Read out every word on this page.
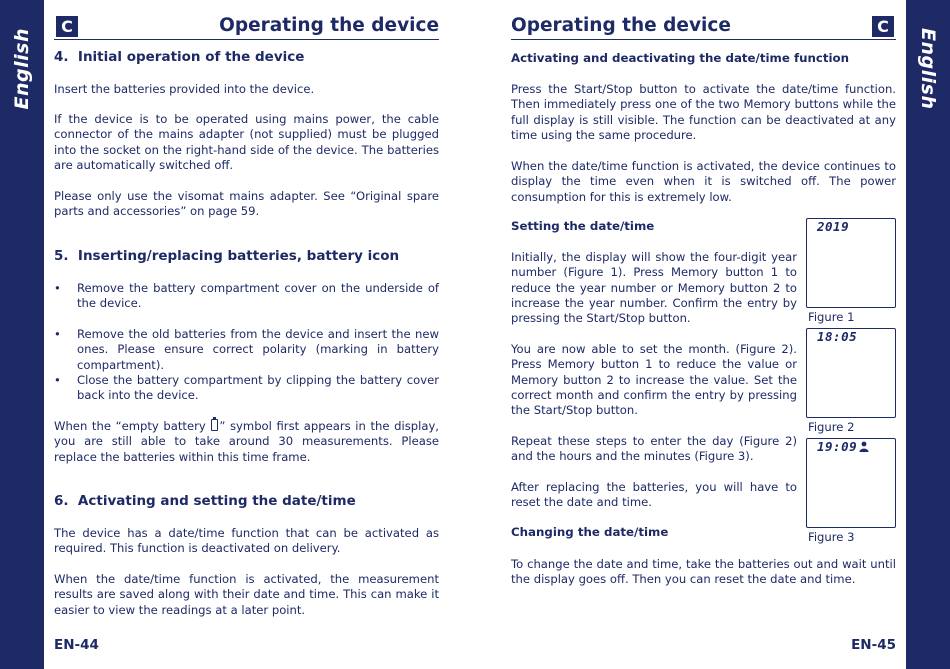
English	English
C	Operating the device
4.  Initial operation of the device

Insert the batteries provided into the device.

If the device is to be operated using mains power, the cable connector of the mains adapter (not supplied) must be plugged into the socket on the right-hand side of the device. The batteries are automatically switched off.

Please only use the visomat mains adapter. See “Original spare parts and accessories” on page 59.

5.  Inserting/replacing batteries, battery icon
• Remove the battery compartment cover on the underside of the device.
• Remove the old batteries from the device and insert the new ones. Please ensure correct polarity (marking in battery compartment).
• Close the battery compartment by clipping the battery cover back into the device.

When the “empty battery ” symbol first appears in the display, you are still able to take around 30 measurements. Please replace the batteries within this time frame.

6.  Activating and setting the date/time

The device has a date/time function that can be activated as required. This function is deactivated on delivery.

When the date/time function is activated, the measurement results are saved along with their date and time. This can make it easier to view the readings at a later point.

EN-44
Operating the device	C
Activating and deactivating the date/time function

Press the Start/Stop button to activate the date/time function. Then immediately press one of the two Memory buttons while the full display is still visible. The function can be deactivated at any time using the same procedure.

When the date/time function is activated, the device continues to display the time even when it is switched off. The power consumption for this is extremely low.

Setting the date/time

Initially, the display will show the four-digit year number (Figure 1). Press Memory button 1 to reduce the year number or Memory button 2 to increase the year number. Confirm the entry by pressing the Start/Stop button.

You are now able to set the month. (Figure 2). Press Memory button 1 to reduce the value or Memory button 2 to increase the value. Set the correct month and confirm the entry by pressing the Start/Stop button.

Repeat these steps to enter the day (Figure 2) and the hours and the minutes (Figure 3).

After replacing the batteries, you will have to reset the date and time.

Changing the date/time

To change the date and time, take the batteries out and wait until the display goes off. Then you can reset the date and time.

2019
Figure 1
18:05
Figure 2
19:09
Figure 3
EN-45
